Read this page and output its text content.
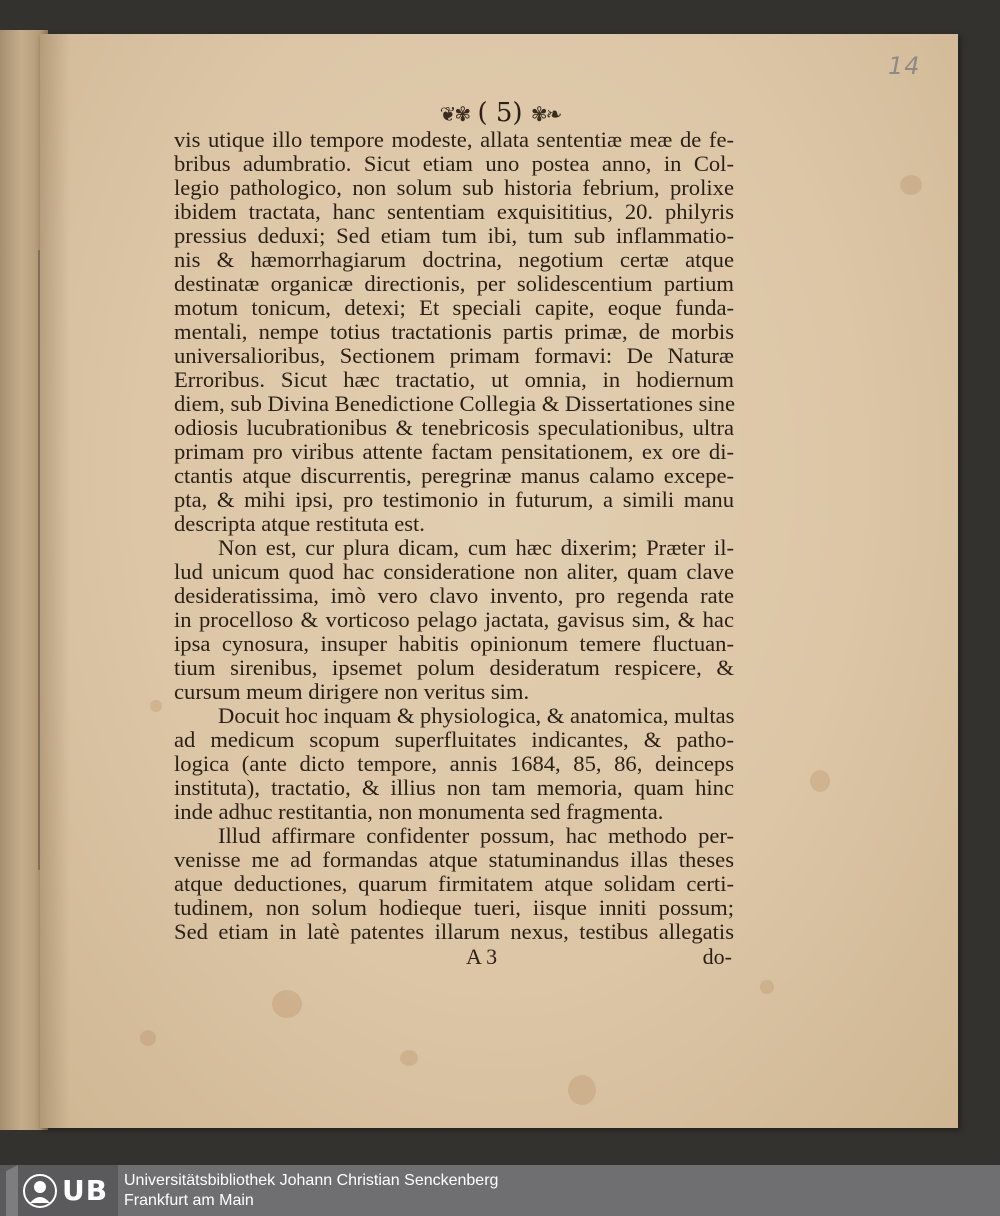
14
❦✾ ( 5) ✾❧
vis utique illo tempore modeste, allata sententiæ meæ de fe-
bribus adumbratio. Sicut etiam uno postea anno, in Col-
legio pathologico, non solum sub historia febrium, prolixe
ibidem tractata, hanc sententiam exquisititius, 20. philyris
pressius deduxi; Sed etiam tum ibi, tum sub inflammatio-
nis & hæmorrhagiarum doctrina, negotium certæ atque
destinatæ organicæ directionis, per solidescentium partium
motum tonicum, detexi; Et speciali capite, eoque funda-
mentali, nempe totius tractationis partis primæ, de morbis
universalioribus, Sectionem primam formavi: De Naturæ
Erroribus. Sicut hæc tractatio, ut omnia, in hodiernum
diem, sub Divina Benedictione Collegia & Dissertationes sine
odiosis lucubrationibus & tenebricosis speculationibus, ultra
primam pro viribus attente factam pensitationem, ex ore di-
ctantis atque discurrentis, peregrinæ manus calamo excepe-
pta, & mihi ipsi, pro testimonio in futurum, a simili manu
descripta atque restituta est.
Non est, cur plura dicam, cum hæc dixerim; Præter il-
lud unicum quod hac consideratione non aliter, quam clave
desideratissima, imò vero clavo invento, pro regenda rate
in procelloso & vorticoso pelago jactata, gavisus sim, & hac
ipsa cynosura, insuper habitis opinionum temere fluctuan-
tium sirenibus, ipsemet polum desideratum respicere, &
cursum meum dirigere non veritus sim.
Docuit hoc inquam & physiologica, & anatomica, multas
ad medicum scopum superfluitates indicantes, & patho-
logica (ante dicto tempore, annis 1684, 85, 86, deinceps
instituta), tractatio, & illius non tam memoria, quam hinc
inde adhuc restitantia, non monumenta sed fragmenta.
Illud affirmare confidenter possum, hac methodo per-
venisse me ad formandas atque statuminandus illas theses
atque deductiones, quarum firmitatem atque solidam certi-
tudinem, non solum hodieque tueri, iisque inniti possum;
Sed etiam in latè patentes illarum nexus, testibus allegatis
A 3	do-
UB Universitätsbibliothek Johann Christian Senckenberg
Frankfurt am Main
